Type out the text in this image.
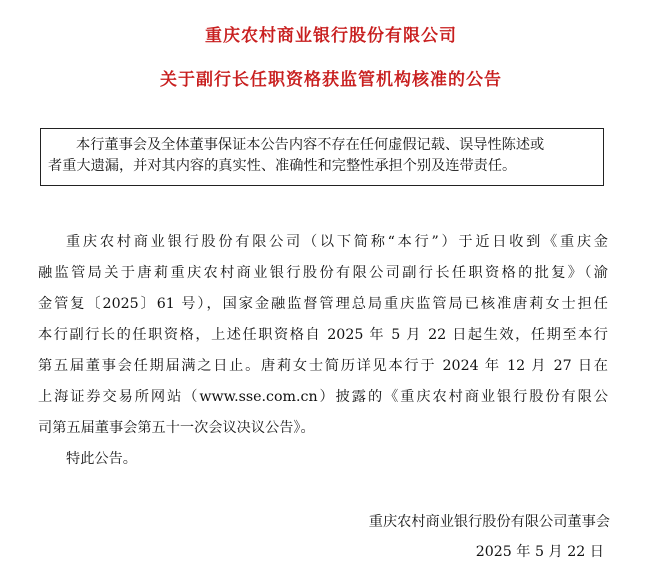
重庆农村商业银行股份有限公司
关于副行长任职资格获监管机构核准的公告

本行董事会及全体董事保证本公告内容不存在任何虚假记载、误导性陈述或
者重大遗漏，并对其内容的真实性、准确性和完整性承担个别及连带责任。

重庆农村商业银行股份有限公司（以下简称“本行”）于近日收到《重庆金
融监管局关于唐莉重庆农村商业银行股份有限公司副行长任职资格的批复》（渝
金管复〔2025〕61 号），国家金融监督管理总局重庆监管局已核准唐莉女士担任
本行副行长的任职资格，上述任职资格自 2025 年 5 月 22 日起生效，任期至本行
第五届董事会任期届满之日止。唐莉女士简历详见本行于 2024 年 12 月 27 日在
上海证券交易所网站（www.sse.com.cn）披露的《重庆农村商业银行股份有限公
司第五届董事会第五十一次会议决议公告》。

特此公告。

重庆农村商业银行股份有限公司董事会

2025 年 5 月 22 日
